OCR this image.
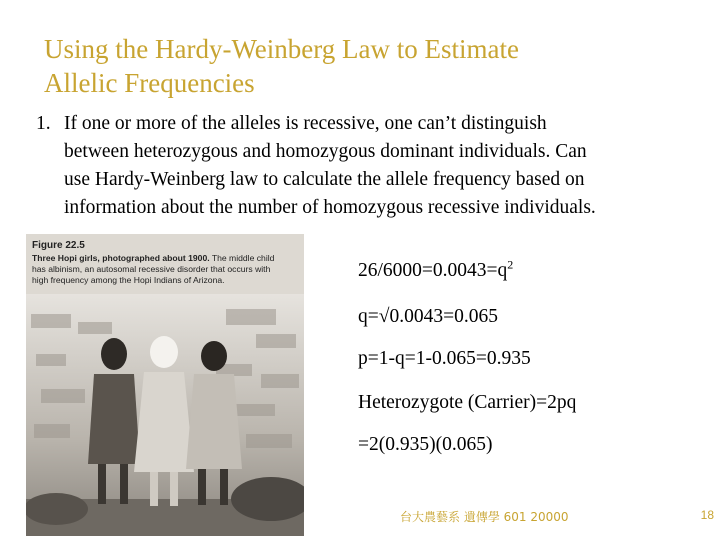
Using the Hardy-Weinberg Law to Estimate
Allelic Frequencies
1. If one or more of the alleles is recessive, one can’t distinguish
between heterozygous and homozygous dominant individuals. Can
use Hardy-Weinberg law to calculate the allele frequency based on
information about the number of homozygous recessive individuals.
Figure 22.5
Three Hopi girls, photographed about 1900. The middle child
has albinism, an autosomal recessive disorder that occurs with
high frequency among the Hopi Indians of Arizona.	$26/6000=0.0043=q^2$
q=√0.0043=0.065
p=1-q=1-0.065=0.935
Heterozygote (Carrier)=2pq
=2(0.935)(0.065)
台大農藝系 遺傳學 601 20000	18
